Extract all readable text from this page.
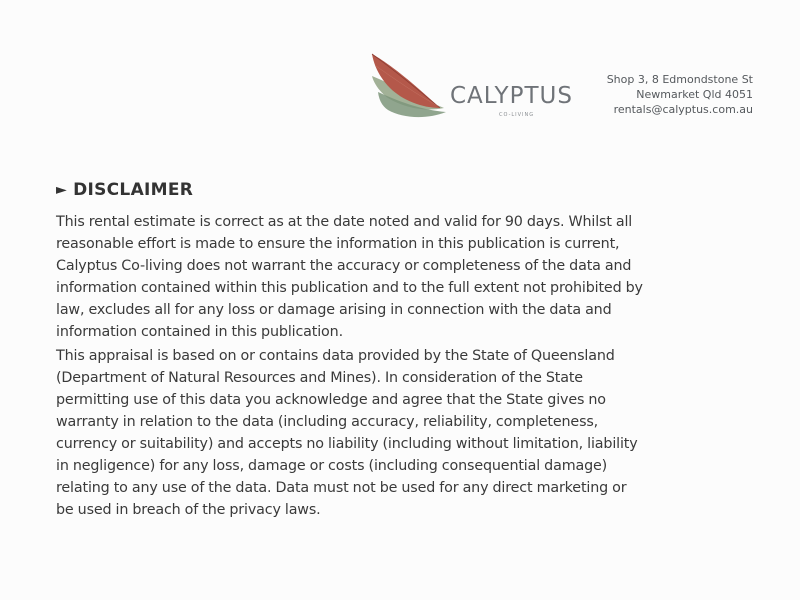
CALYPTUS
CO-LIVING
Shop 3, 8 Edmondstone St
Newmarket Qld 4051
rentals@calyptus.com.au
► DISCLAIMER
This rental estimate is correct as at the date noted and valid for 90 days. Whilst all
reasonable effort is made to ensure the information in this publication is current,
Calyptus Co-living does not warrant the accuracy or completeness of the data and
information contained within this publication and to the full extent not prohibited by
law, excludes all for any loss or damage arising in connection with the data and
information contained in this publication.
This appraisal is based on or contains data provided by the State of Queensland
(Department of Natural Resources and Mines). In consideration of the State
permitting use of this data you acknowledge and agree that the State gives no
warranty in relation to the data (including accuracy, reliability, completeness,
currency or suitability) and accepts no liability (including without limitation, liability
in negligence) for any loss, damage or costs (including consequential damage)
relating to any use of the data. Data must not be used for any direct marketing or
be used in breach of the privacy laws.
